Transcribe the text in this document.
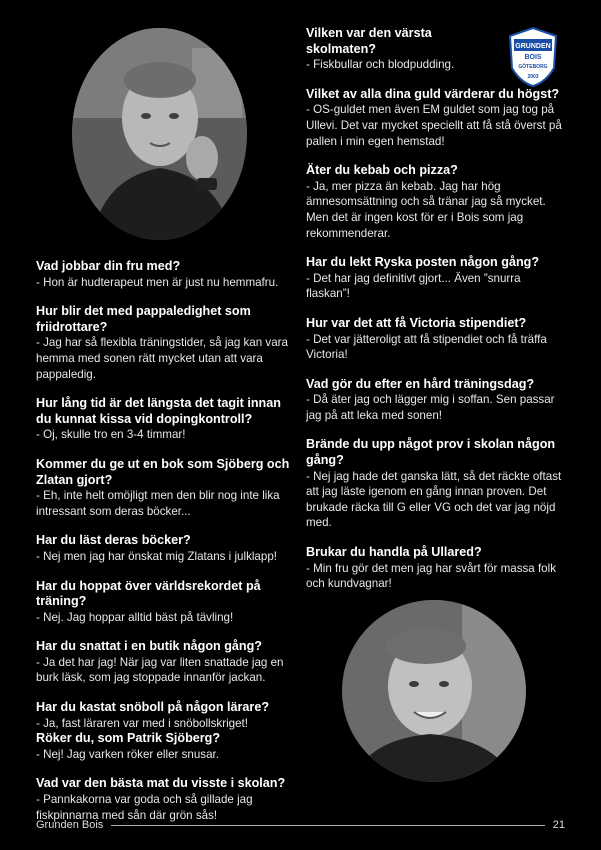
GRUNDEN
BOIS
GÖTEBORG
2003
Vad jobbar din fru med?
- Hon är hudterapeut men är just nu hemmafru.
Hur blir det med pappaledighet som friidrottare?
- Jag har så flexibla träningstider, så jag kan vara hemma med sonen rätt mycket utan att vara pappaledig.
Hur lång tid är det längsta det tagit innan du kunnat kissa vid dopingkontroll?
- Oj, skulle tro en 3-4 timmar!
Kommer du ge ut en bok som Sjöberg och Zlatan gjort?
- Eh, inte helt omöjligt men den blir nog inte lika intressant som deras böcker...
Har du läst deras böcker?
- Nej men jag har önskat mig Zlatans i julklapp!
Har du hoppat över världsrekordet på träning?
- Nej. Jag hoppar alltid bäst på tävling!
Har du snattat i en butik någon gång?
- Ja det har jag! När jag var liten snattade jag en burk läsk, som jag stoppade innanför jackan.
Har du kastat snöboll på någon lärare?
- Ja, fast läraren var med i snöbollskriget!
Röker du, som Patrik Sjöberg?
- Nej! Jag varken röker eller snusar.
Vad var den bästa mat du visste i skolan?
- Pannkakorna var goda och så gillade jag fiskpinnarna med sån där grön sås!
Vilken var den värsta skolmaten?
- Fiskbullar och blodpudding.
Vilket av alla dina guld värderar du högst?
- OS-guldet men även EM guldet som jag tog på Ullevi. Det var mycket speciellt att få stå överst på pallen i min egen hemstad!
Äter du kebab och pizza?
- Ja, mer pizza än kebab. Jag har hög ämnesomsättning och så tränar jag så mycket. Men det är ingen kost för er i Bois som jag rekommenderar.
Har du lekt Ryska posten någon gång?
- Det har jag definitivt gjort... Även ”snurra flaskan”!
Hur var det att få Victoria stipendiet?
- Det var jätteroligt att få stipendiet och få träffa Victoria!
Vad gör du efter en hård träningsdag?
- Då äter jag och lägger mig i soffan. Sen passar jag på att leka med sonen!
Brände du upp något prov i skolan någon gång?
- Nej jag hade det ganska lätt, så det räckte oftast att jag läste igenom en gång innan proven. Det brukade räcka till G eller VG och det var jag nöjd med.
Brukar du handla på Ullared?
- Min fru gör det men jag har svårt för massa folk och kundvagnar!
Grunden Bois	21
